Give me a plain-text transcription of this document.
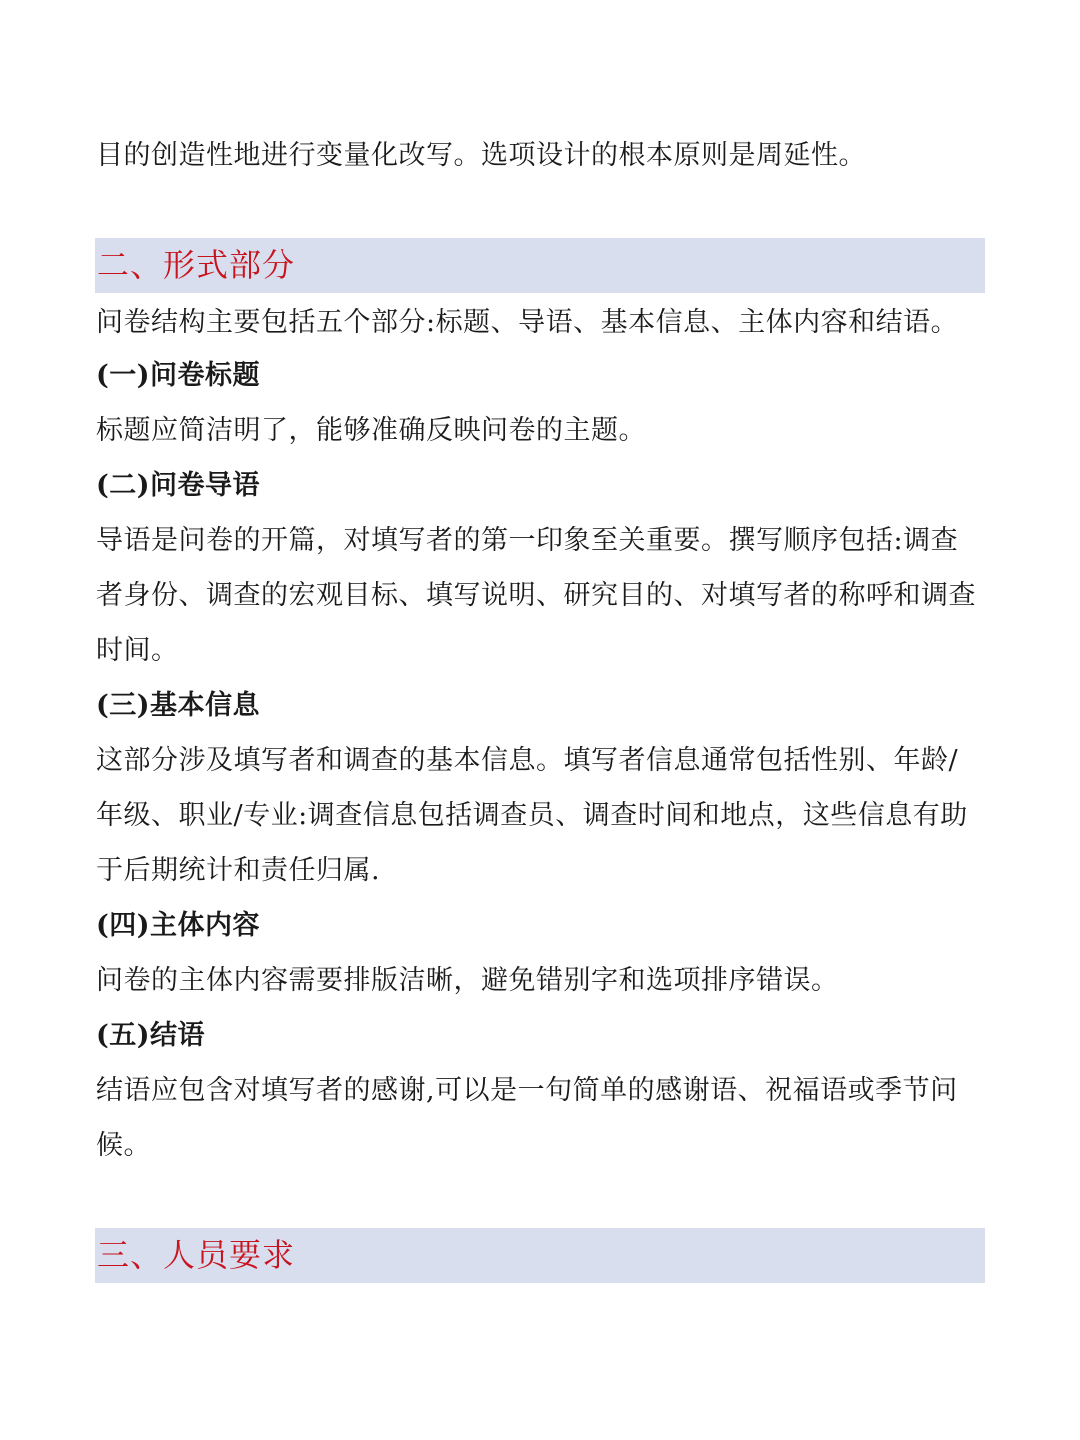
目的创造性地进行变量化改写。选项设计的根本原则是周延性。
二、形式部分
问卷结构主要包括五个部分:标题、导语、基本信息、主体内容和结语。
(一)问卷标题
标题应简洁明了，能够准确反映问卷的主题。
(二)问卷导语
导语是问卷的开篇，对填写者的第一印象至关重要。撰写顺序包括:调查
者身份、调查的宏观目标、填写说明、研究目的、对填写者的称呼和调查
时间。
(三)基本信息
这部分涉及填写者和调查的基本信息。填写者信息通常包括性别、年龄/
年级、职业/专业:调查信息包括调查员、调查时间和地点，这些信息有助
于后期统计和责任归属.
(四)主体内容
问卷的主体内容需要排版洁晰，避免错别字和选项排序错误。
(五)结语
结语应包含对填写者的感谢,可以是一句简单的感谢语、祝福语或季节问
候。
三、人员要求
